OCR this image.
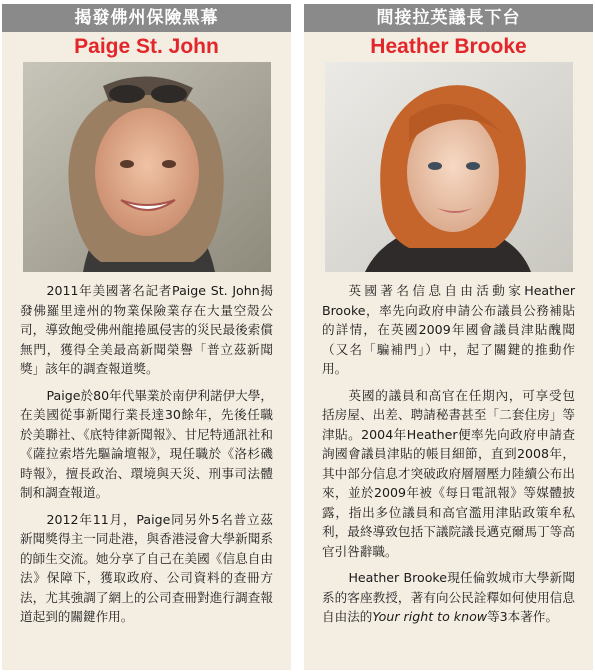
揭發佛州保險黑幕
Paige St. John

2011年美國著名記者Paige St. John揭發佛羅里達州的物業保險業存在大量空殼公司，導致飽受佛州龍捲風侵害的災民最後索償無門，獲得全美最高新聞榮譽「普立茲新聞獎」該年的調查報道獎。

Paige於80年代畢業於南伊利諾伊大學，在美國從事新聞行業長達30餘年，先後任職於美聯社、《底特律新聞報》、甘尼特通訊社和《薩拉索塔先驅論壇報》，現任職於《洛杉磯時報》，擅長政治、環境與天災、刑事司法體制和調查報道。

2012年11月，Paige同另外5名普立茲新聞獎得主一同赴港，與香港浸會大學新聞系的師生交流。她分享了自己在美國《信息自由法》保障下，獲取政府、公司資料的查冊方法，尤其強調了網上的公司查冊對進行調查報道起到的關鍵作用。

間接拉英議長下台
Heather Brooke

英國著名信息自由活動家Heather Brooke，率先向政府申請公布議員公務補貼的詳情，在英國2009年國會議員津貼醜聞（又名「騙補門」）中，起了關鍵的推動作用。

英國的議員和高官在任期內，可享受包括房屋、出差、聘請秘書甚至「二套住房」等津貼。2004年Heather便率先向政府申請查詢國會議員津貼的帳目細節，直到2008年，其中部分信息才突破政府層層壓力陸續公布出來，並於2009年被《每日電訊報》等媒體披露，指出多位議員和高官濫用津貼政策牟私利，最終導致包括下議院議長邁克爾馬丁等高官引咎辭職。

Heather Brooke現任倫敦城市大學新聞系的客座教授，著有向公民詮釋如何使用信息自由法的Your right to know等3本著作。
